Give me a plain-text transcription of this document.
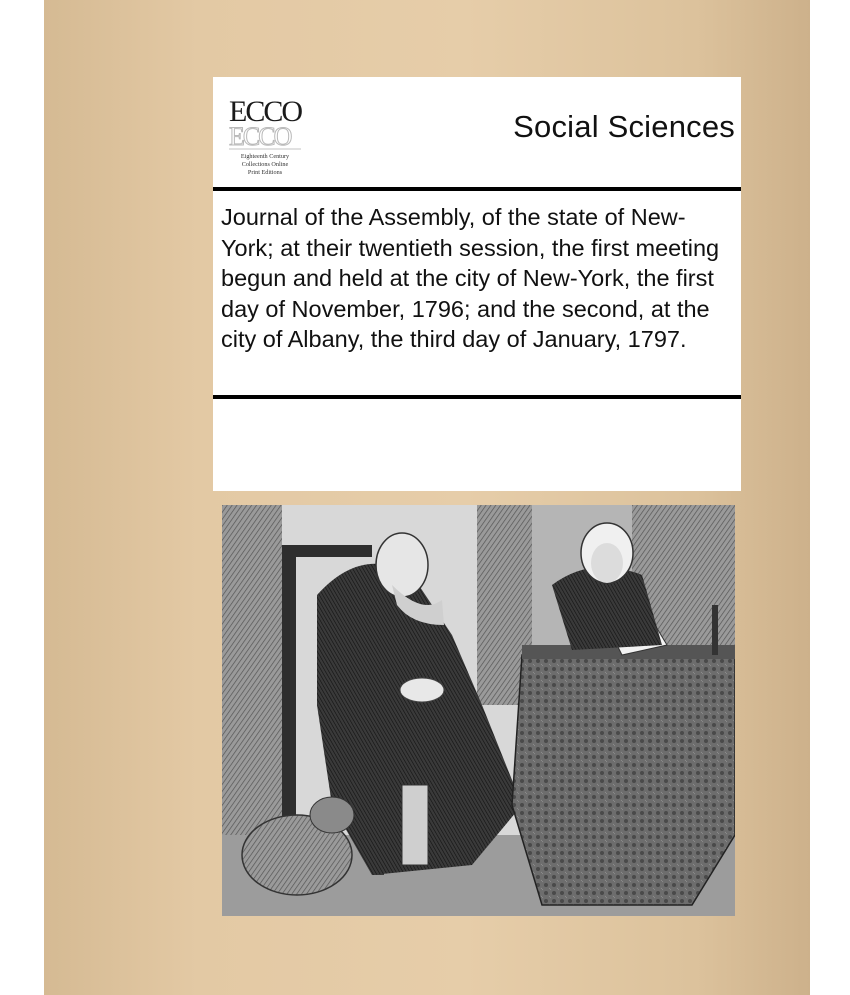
ECCO
ECCO
Eighteenth Century
Collections Online
Print Editions
Social Sciences
Journal of the Assembly, of the state of New-York; at their twentieth session, the first meeting begun and held at the city of New-York, the first day of November, 1796; and the second, at the city of Albany, the third day of January, 1797.
